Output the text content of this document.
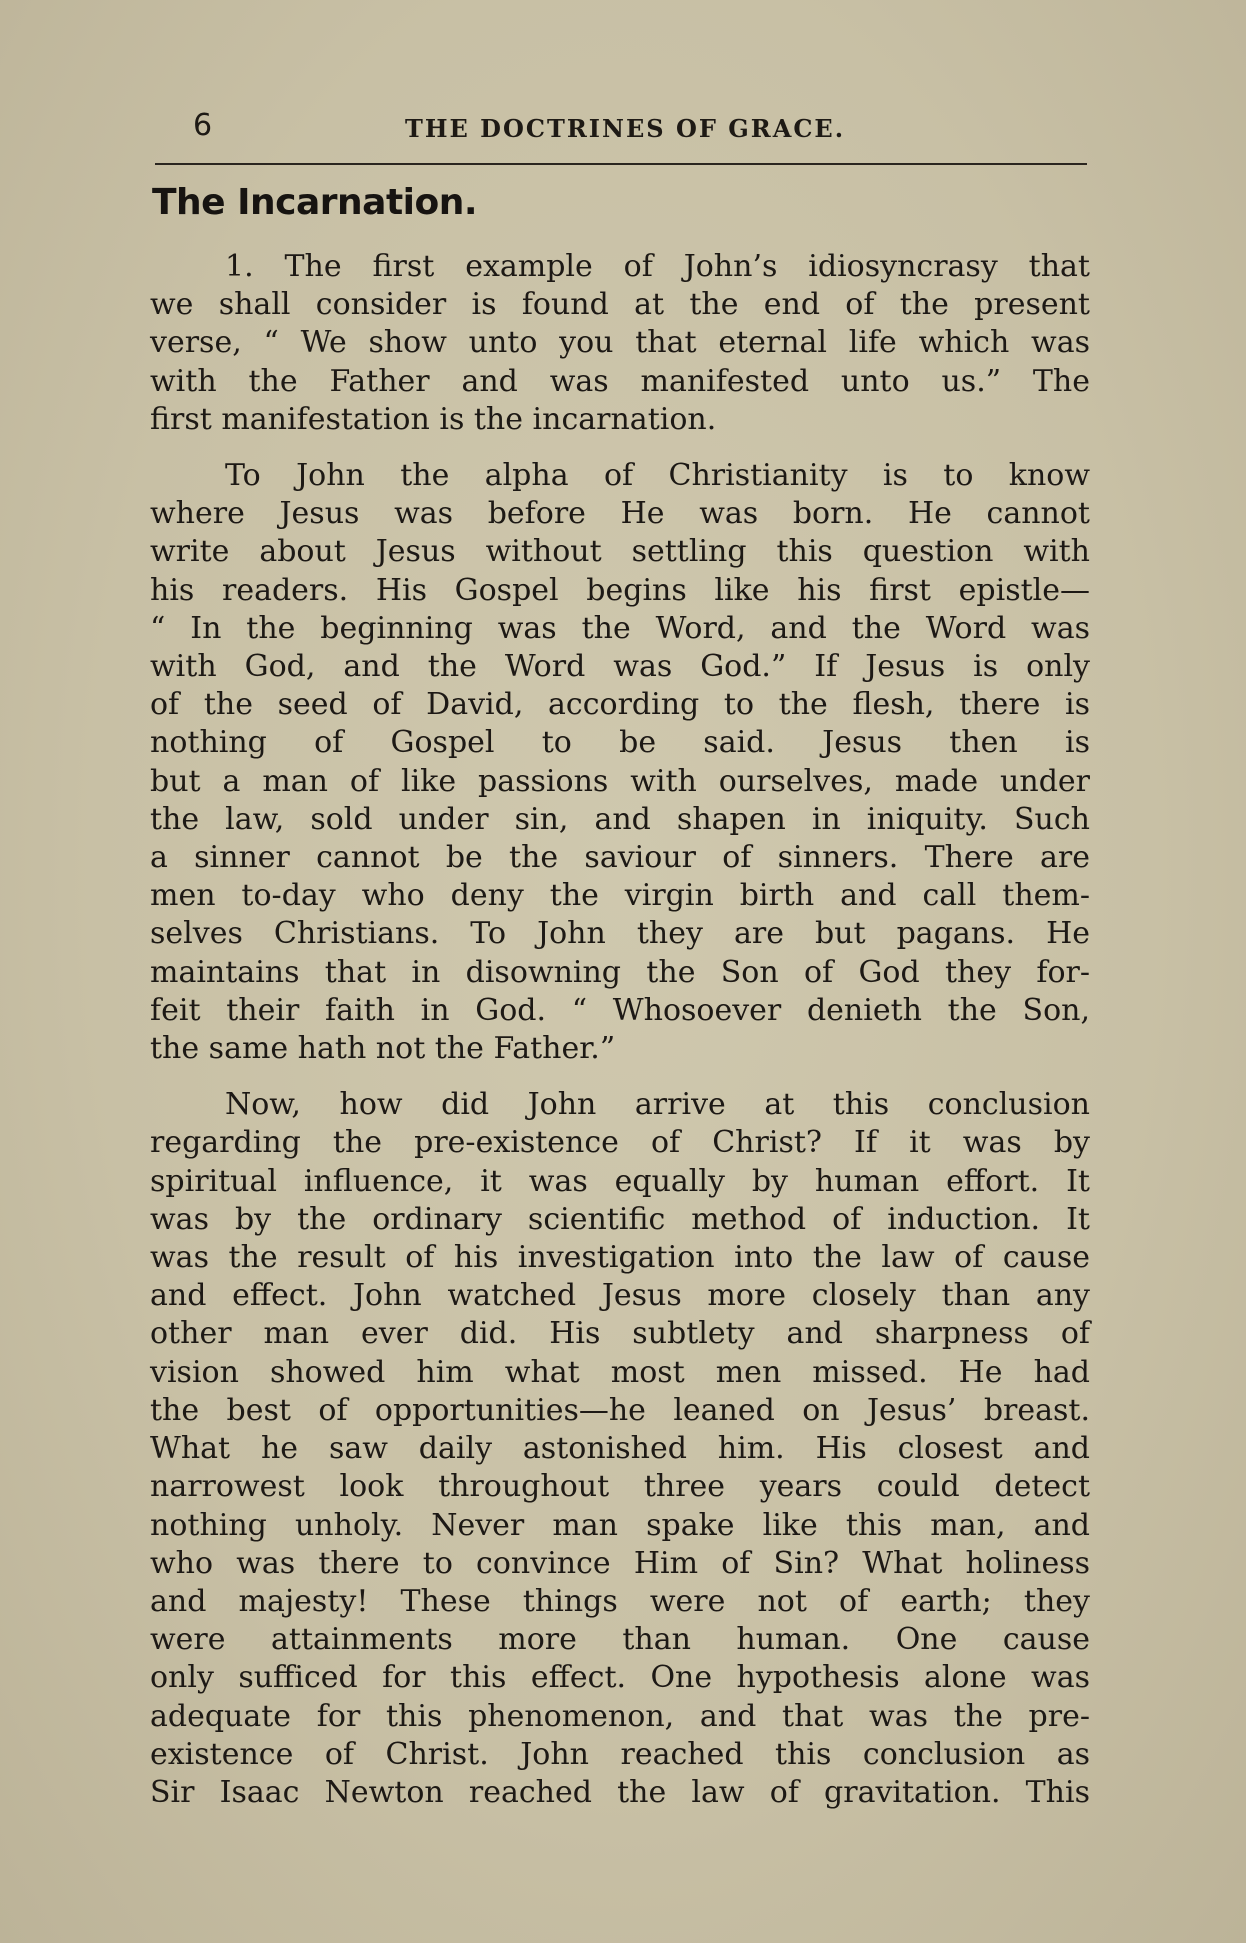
6	THE DOCTRINES OF GRACE.
The Incarnation.
1. The first example of John’s idiosyncrasy that
we shall consider is found at the end of the present
verse, “ We show unto you that eternal life which was
with the Father and was manifested unto us.” The
first manifestation is the incarnation.
To John the alpha of Christianity is to know
where Jesus was before He was born. He cannot
write about Jesus without settling this question with
his readers. His Gospel begins like his first epistle—
“ In the beginning was the Word, and the Word was
with God, and the Word was God.” If Jesus is only
of the seed of David, according to the flesh, there is
nothing of Gospel to be said. Jesus then is
but a man of like passions with ourselves, made under
the law, sold under sin, and shapen in iniquity. Such
a sinner cannot be the saviour of sinners. There are
men to-day who deny the virgin birth and call them-
selves Christians. To John they are but pagans. He
maintains that in disowning the Son of God they for-
feit their faith in God. “ Whosoever denieth the Son,
the same hath not the Father.”
Now, how did John arrive at this conclusion
regarding the pre-existence of Christ? If it was by
spiritual influence, it was equally by human effort. It
was by the ordinary scientific method of induction. It
was the result of his investigation into the law of cause
and effect. John watched Jesus more closely than any
other man ever did. His subtlety and sharpness of
vision showed him what most men missed. He had
the best of opportunities—he leaned on Jesus’ breast.
What he saw daily astonished him. His closest and
narrowest look throughout three years could detect
nothing unholy. Never man spake like this man, and
who was there to convince Him of Sin? What holiness
and majesty! These things were not of earth; they
were attainments more than human. One cause
only sufficed for this effect. One hypothesis alone was
adequate for this phenomenon, and that was the pre-
existence of Christ. John reached this conclusion as
Sir Isaac Newton reached the law of gravitation. This
